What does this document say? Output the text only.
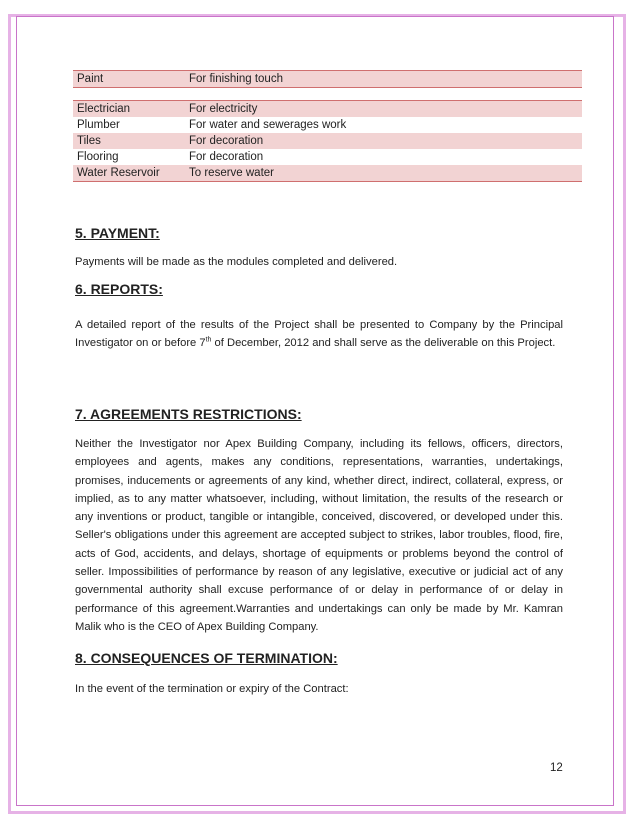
Paint	For finishing touch
Electrician	For electricity
Plumber	For water and sewerages work
Tiles	For decoration
Flooring	For decoration
Water Reservoir	To reserve water
5. PAYMENT:

Payments will be made as the modules completed and delivered.

6. REPORTS:

A detailed report of the results of the Project shall be presented to Company by the Principal Investigator on or before 7th of December, 2012 and shall serve as the deliverable on this Project.

7. AGREEMENTS RESTRICTIONS:

Neither the Investigator nor Apex Building Company, including its fellows, officers, directors, employees and agents, makes any conditions, representations, warranties, undertakings, promises, inducements or agreements of any kind, whether direct, indirect, collateral, express, or implied, as to any matter whatsoever, including, without limitation, the results of the research or any inventions or product, tangible or intangible, conceived, discovered, or developed under this. Seller's obligations under this agreement are accepted subject to strikes, labor troubles, flood, fire, acts of God, accidents, and delays, shortage of equipments or problems beyond the control of seller. Impossibilities of performance by reason of any legislative, executive or judicial act of any governmental authority shall excuse performance of or delay in performance of or delay in performance of this agreement.Warranties and undertakings can only be made by Mr. Kamran Malik who is the CEO of Apex Building Company.

8. CONSEQUENCES OF TERMINATION:

In the event of the termination or expiry of the Contract:

12
